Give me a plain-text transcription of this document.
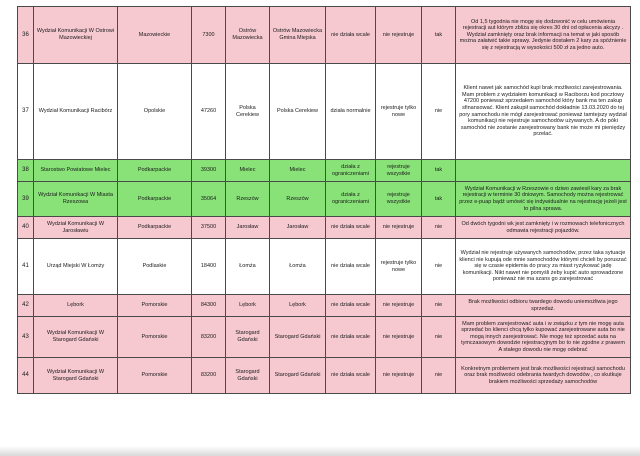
36	Wydział Komunikacji W Ostrowi Mazowieckiej	Mazowieckie	7300	Ostrów Mazowiecka	Ostrów Mazowiecka Gmina Miejska	nie działa wcale	nie rejestruje	tak	Od 1,5 tygodnia nie mogę się dodzwonić w celu umówienia rejestracji aut którym zbliża się okres 30 dni od opłacenia akcyzy . Wydział zamknięty oraz brak informacji na temat w jaki sposób można załatwić takie sprawy. Jedynie dostałem 2 kary za spóźnienie się z rejestracją w wysokości 500 zł za jedno auto.
37	Wydział Komunikacji Racibórz	Opolskie	47260	Polska Cerekiew	Polska Cerekiew	działa normalnie	rejestruje tylko nowe	nie	Klient nawet jak samochód kupi brak możliwości zarejestrowania. Mam problem z wydziałem komunikacji w Raciborzu kod pocztowy 47200 ponieważ sprzedałem samochód który bank ma ten zakup sfinansować. Klient zakupił samochód dokładnie 13.03.2020 do tej pory samochodu nie mógł zarejestrować ponieważ tamtejszy wydział komunikacji nie rejestruje samochodów używanych. A do póki samochód nie zostanie zarejestrowany bank nie może mi pieniędzy przelać.
38	Starostwo Powiatowe Mielec	Podkarpackie	39300	Mielec	Mielec	działa z ograniczeniami	rejestruje wszystkie	tak	
39	Wydział Komunikacji W Miasta Rzeszowa	Podkarpackie	35064	Rzeszów	Rzeszów	działa z ograniczeniami	rejestruje wszystkie	tak	Wydział Komunikacji w Rzeszowie o dziwo zawiesił kary za brak rejestracji w terminie 30 dniowym. Samochody można rejestrować przez e-puap bądź umówić się indywidualnie na rejestrację jeżeli jest to pilna sprawa.
40	Wydział Komunikacji W Jarosławiu	Podkarpackie	37500	Jarosław	Jarosław	nie działa wcale	nie rejestruje	nie	Od dwóch tygodni wk jest zamknięty i w rozmowach telefonicznych odmawia rejestracji pojazdów.
41	Urząd Miejski W Łomży	Podlaskie	18400	Łomża	Łomża	nie działa wcale	rejestruje tylko nowe	nie	Wydział nie rejestruje używanych samochodów, przez taka sytuacje klienci nie kupują ode mnie samochodów którymi chcieli by poruszać się w czasie epidemia do pracy za miast ryzykować jadę komunikacji. Nikt nawet nie pomyśli żeby kupić auto sprowadzone ponieważ nie ma szans go zarejestrować
42	Lębork	Pomorskie	84300	Lębork	Lębork	nie działa wcale	nie rejestruje	nie	Brak możliwości odbioru twardego dowodu uniemożliwia jego sprzedaż.
43	Wydział Komunikacji W Starogard Gdański	Pomorskie	83200	Starogard Gdański	Starogard Gdański	nie działa wcale	nie rejestruje	nie	Mam problem zarejestrować auta i w związku z tym nie mogę auta sprzedać bo klienci chcą tylko kupować zarejestrowane auta bo nie mogą innych zarejestrować. Nie mogę też sprzedać auta na tymczasowym dowodzie rejestracyjnym bo to nie zgodne z prawem A stałego dowodu nie mogę odebrać
44	Wydział Komunikacji W Starogard Gdański	Pomorskie	83200	Starogard Gdański	Starogard Gdański	nie działa wcale	nie rejestruje	nie	Konkretnym problemem jest brak możliwości rejestracji samochodu oraz brak możliwości odebrania twardych dowodów , co skutkuje brakiem możliwości sprzedaży samochodów
